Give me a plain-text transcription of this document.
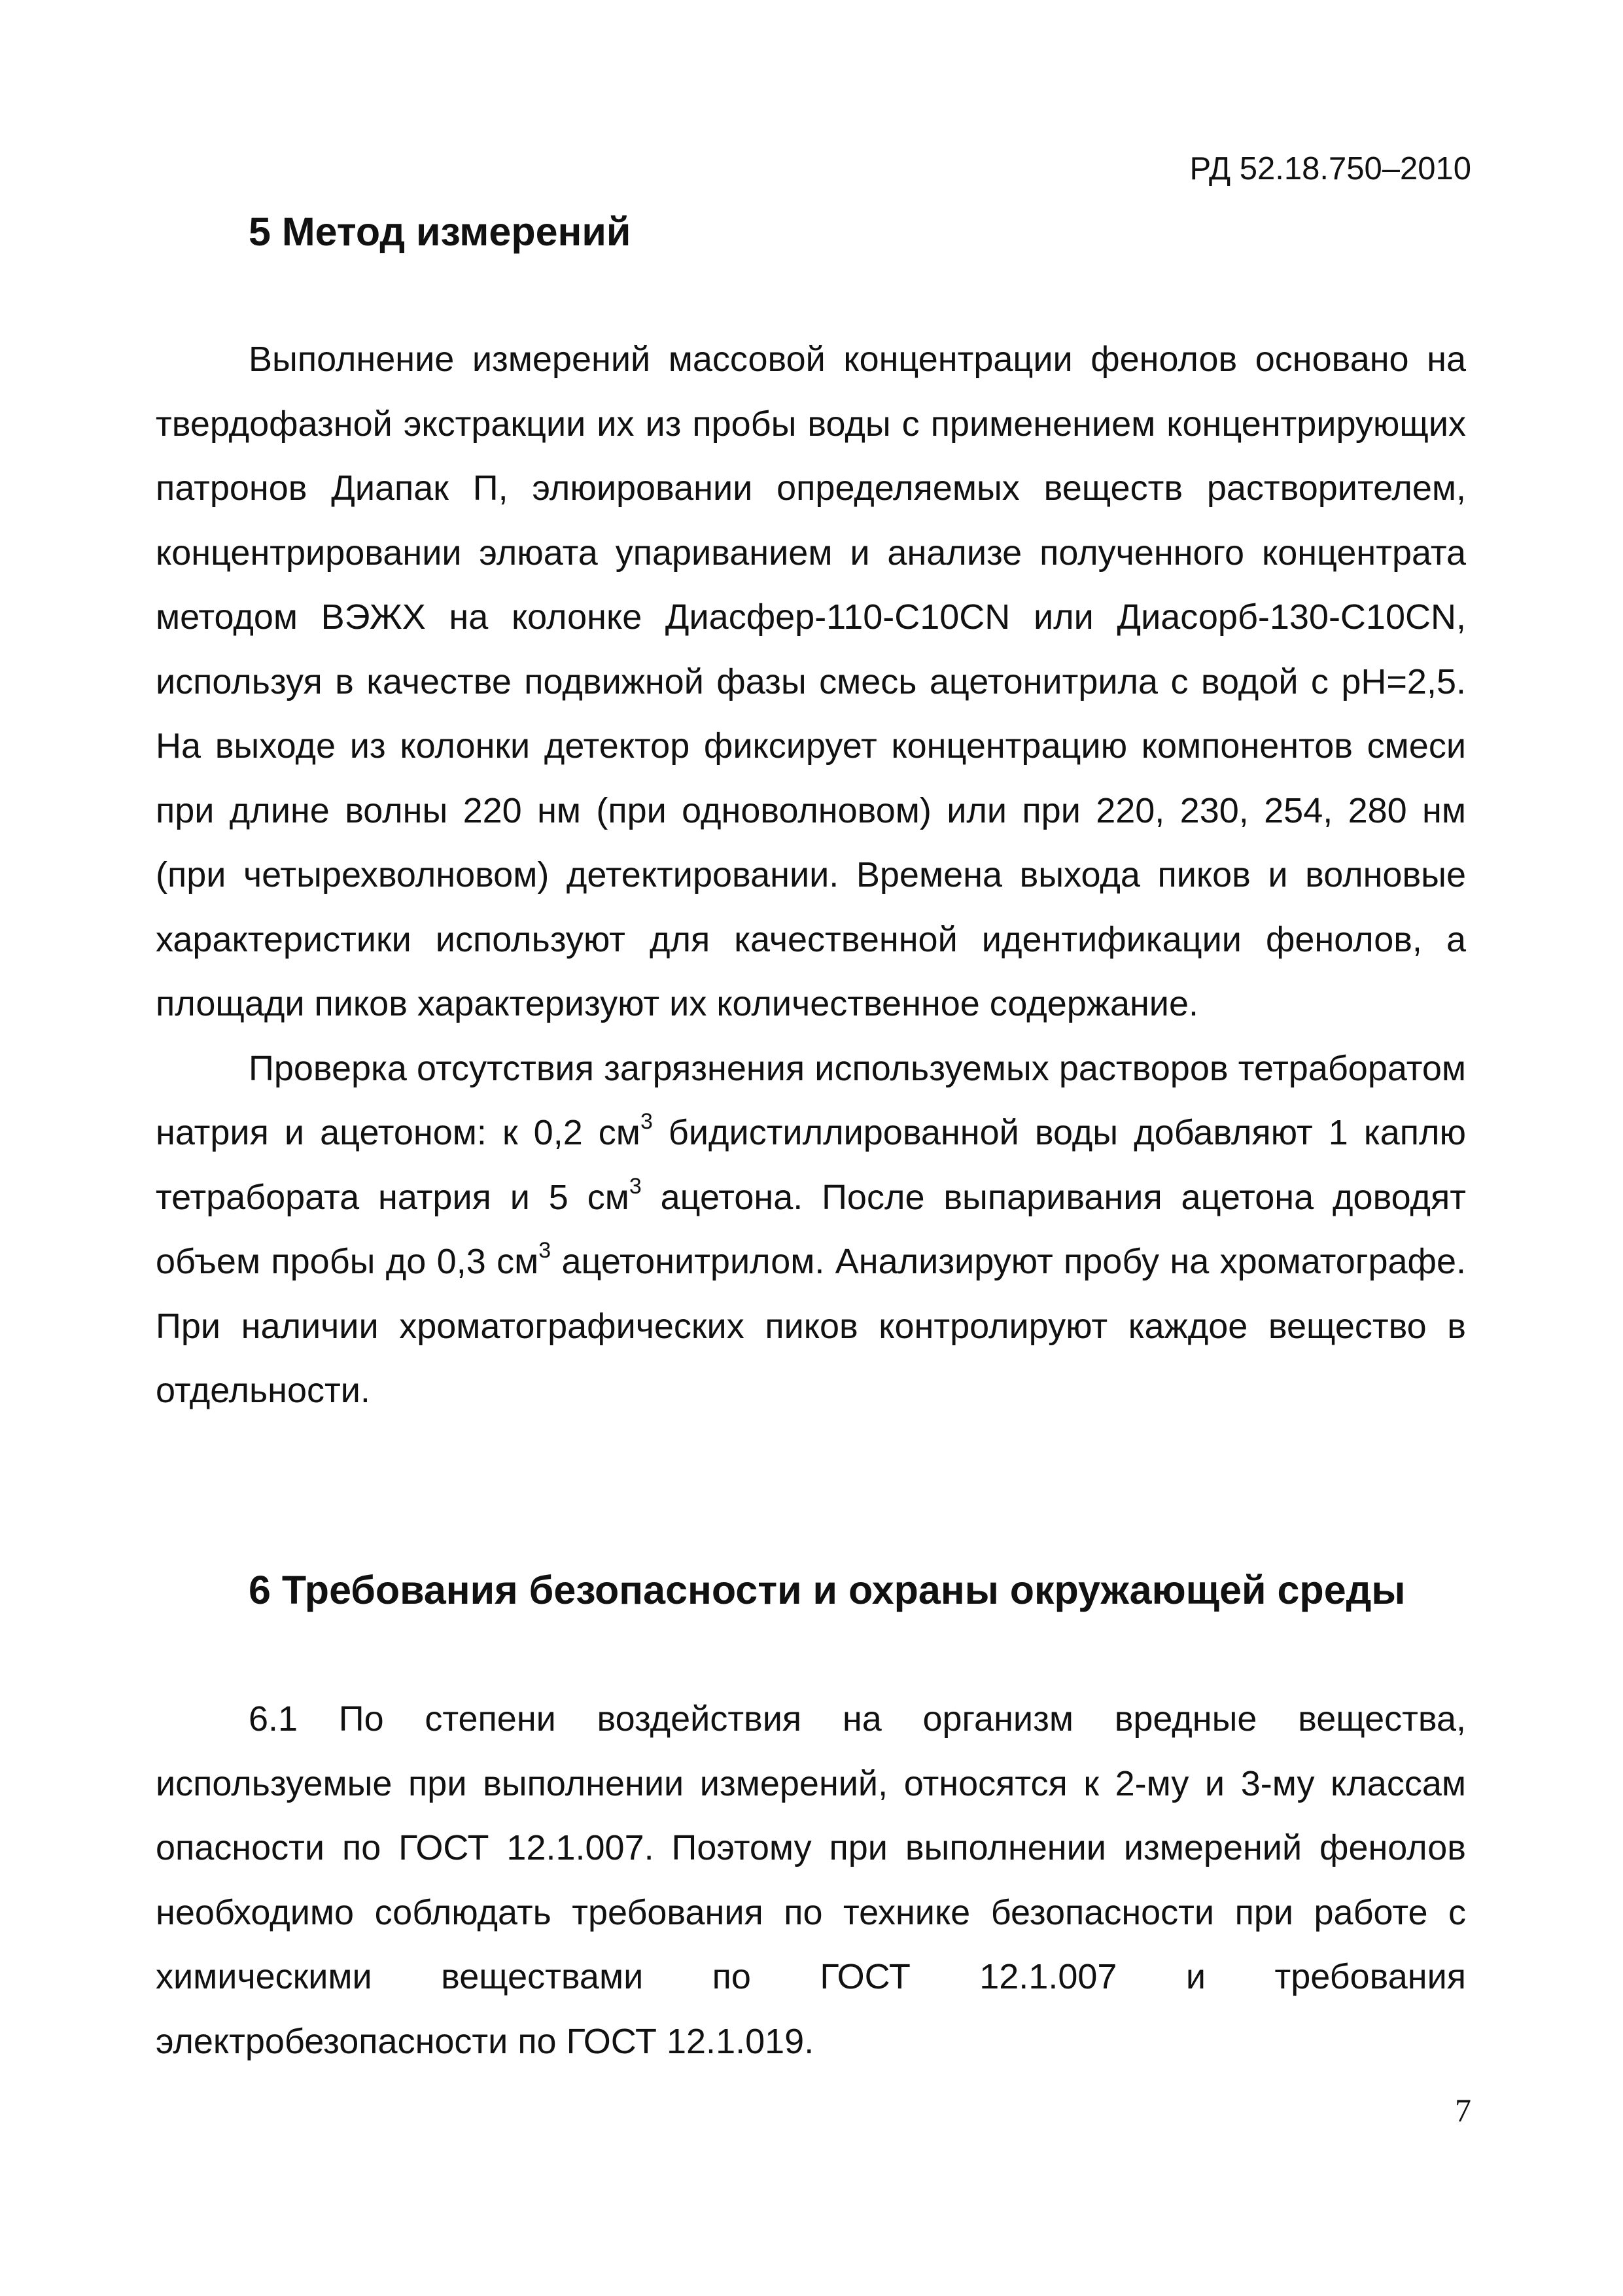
РД 52.18.750–2010
5 Метод измерений

Выполнение измерений массовой концентрации фенолов основано на твердофазной экстракции их из пробы воды с применением концентрирующих патронов Диапак П, элюировании определяемых веществ растворителем, концентрировании элюата упариванием и анализе полученного концентрата методом ВЭЖХ на колонке Диасфер-110-С10CN или Диасорб-130-С10CN, используя в качестве подвижной фазы смесь ацетонитрила с водой с pH=2,5. На выходе из колонки детектор фиксирует концентрацию компонентов смеси при длине волны 220 нм (при одноволновом) или при 220, 230, 254, 280 нм (при четырехволновом) детектировании. Времена выхода пиков и волновые характеристики используют для качественной идентификации фенолов, а площади пиков характеризуют их количественное содержание.

Проверка отсутствия загрязнения используемых растворов тетраборатом натрия и ацетоном: к 0,2 $см^3$ бидистиллированной воды добавляют 1 каплю тетрабората натрия и 5 $см^3$ ацетона. После выпаривания ацетона доводят объем пробы до 0,3 $см^3$ ацетонитрилом. Анализируют пробу на хроматографе. При наличии хроматографических пиков контролируют каждое вещество в отдельности.

6 Требования безопасности и охраны окружающей среды

6.1 По степени воздействия на организм вредные вещества, используемые при выполнении измерений, относятся к 2-му и 3-му классам опасности по ГОСТ 12.1.007. Поэтому при выполнении измерений фенолов необходимо соблюдать требования по технике безопасности при работе с химическими веществами по ГОСТ 12.1.007 и требования электробезопасности по ГОСТ 12.1.019.

7
